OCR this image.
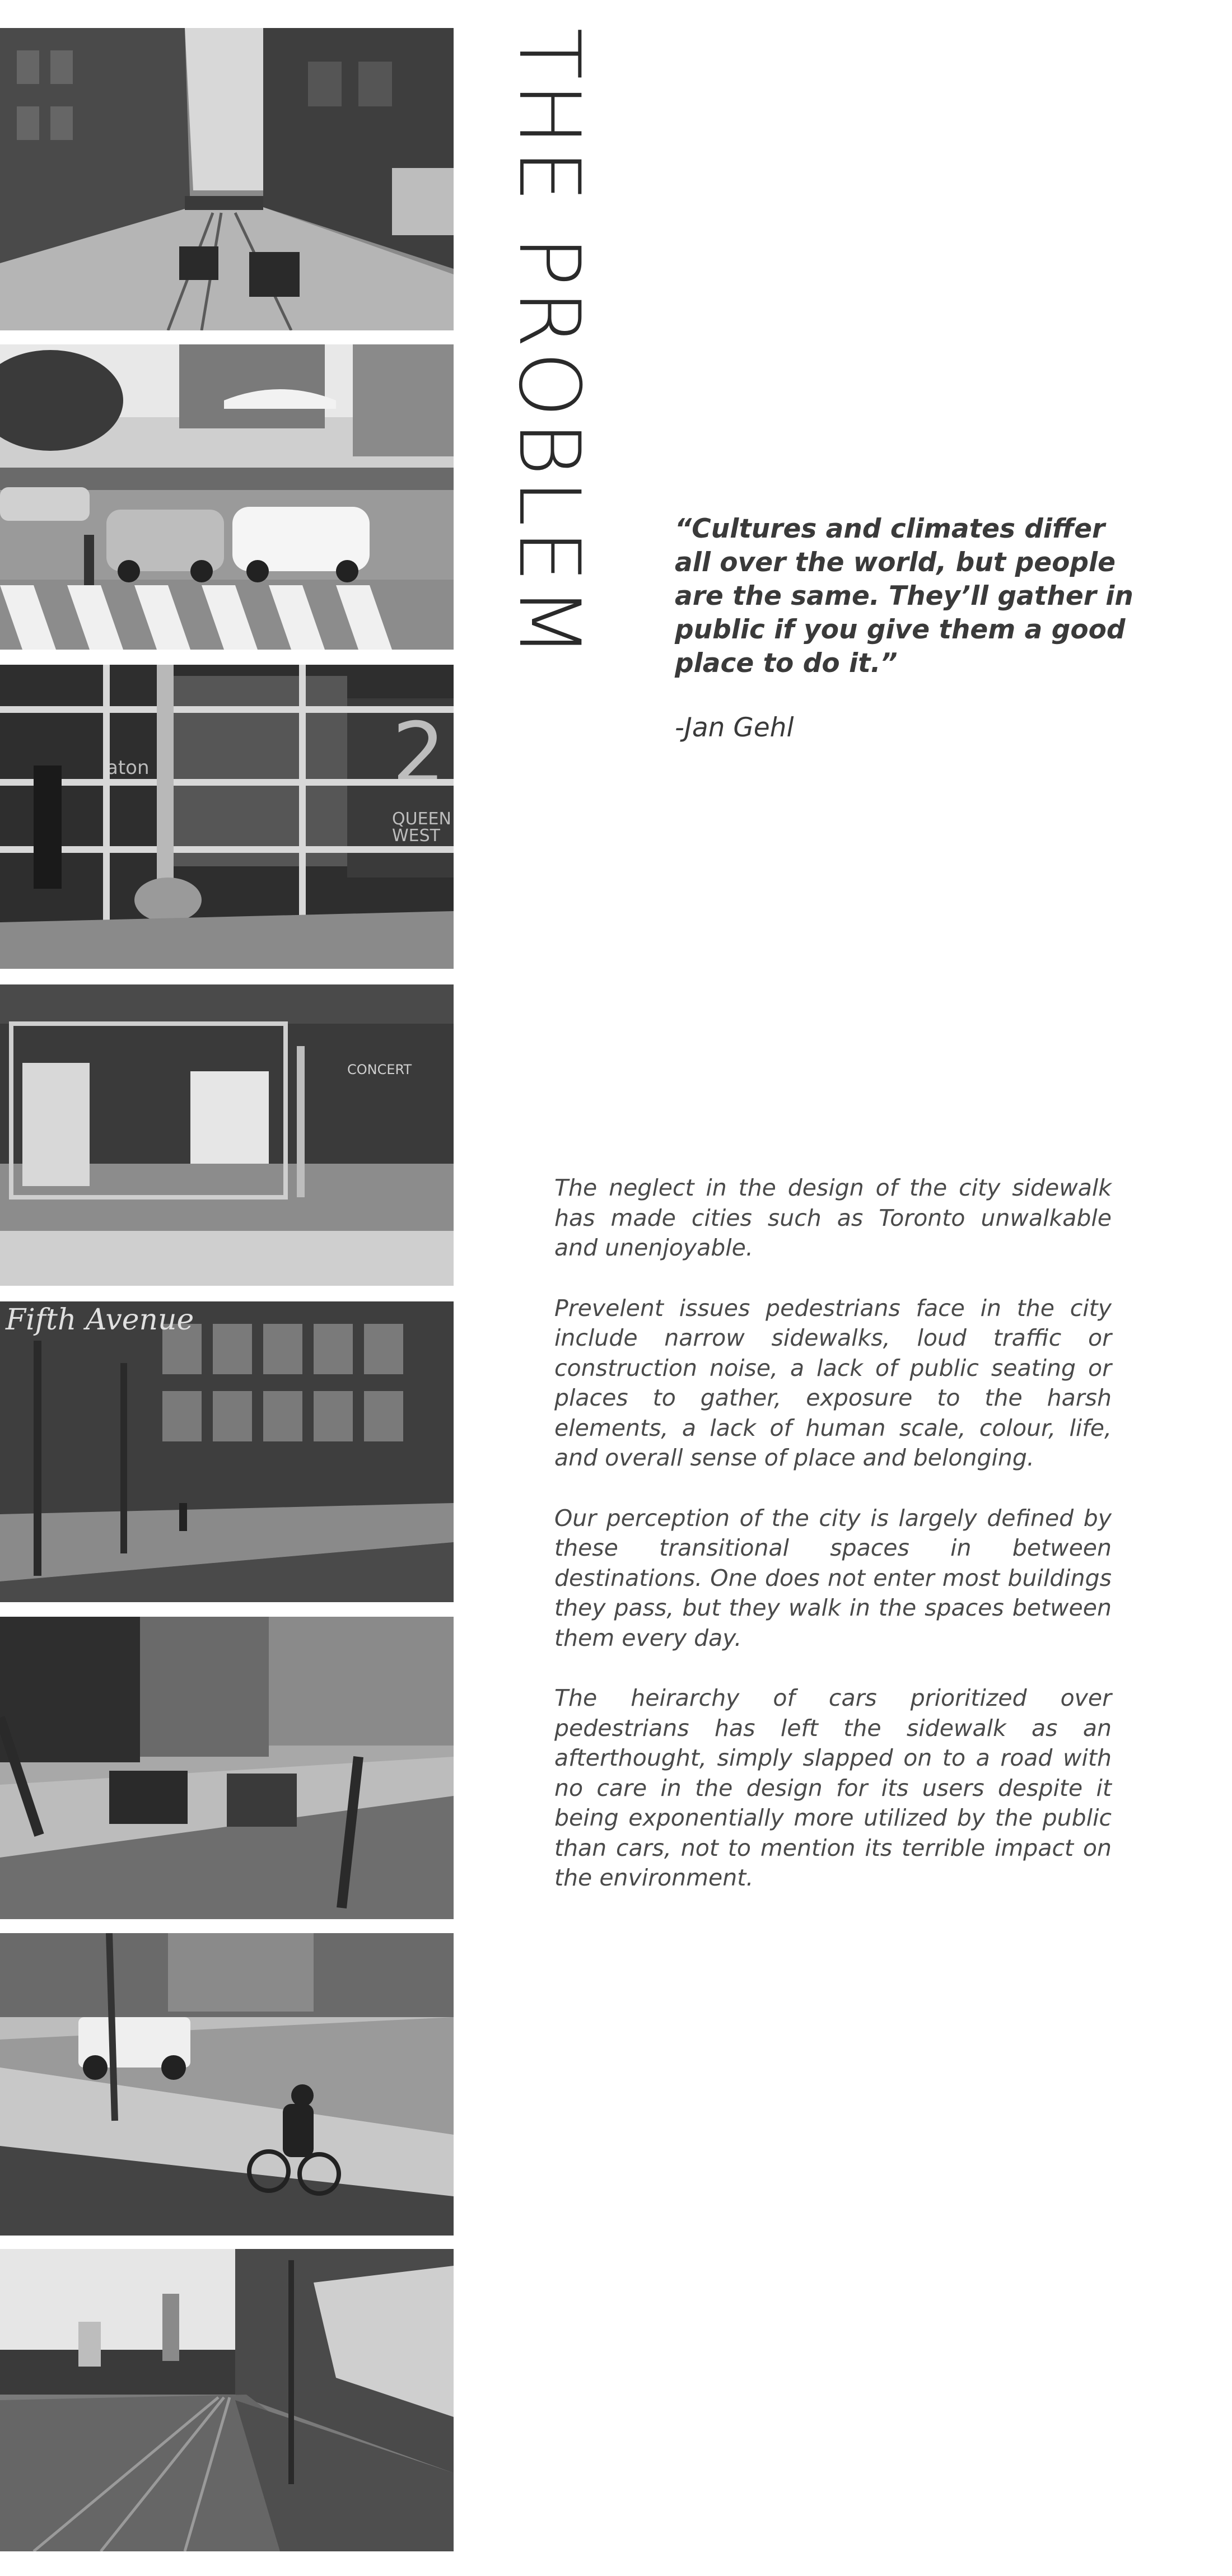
2
QUEEN
WEST
aton
CONCERT
Fifth Avenue
THE PROBLEM	“Cultures and climates differ all over the world, but people are the same. They’ll gather in public if you give them a good place to do it.”
-Jan Gehl

The neglect in the design of the city sidewalk has made cities such as Toronto unwalkable and unenjoyable.

Prevelent issues pedestrians face in the city include narrow sidewalks, loud traffic or construction noise, a lack of public seating or places to gather, exposure to the harsh elements, a lack of human scale, colour, life, and overall sense of place and belonging.

Our perception of the city is largely defined by these transitional spaces in between destinations. One does not enter most buildings they pass, but they walk in the spaces between them every day.

The heirarchy of cars prioritized over pedestrians has left the sidewalk as an afterthought, simply slapped on to a road with no care in the design for its users despite it being exponentially more utilized by the public than cars, not to mention its terrible impact on the environment.
